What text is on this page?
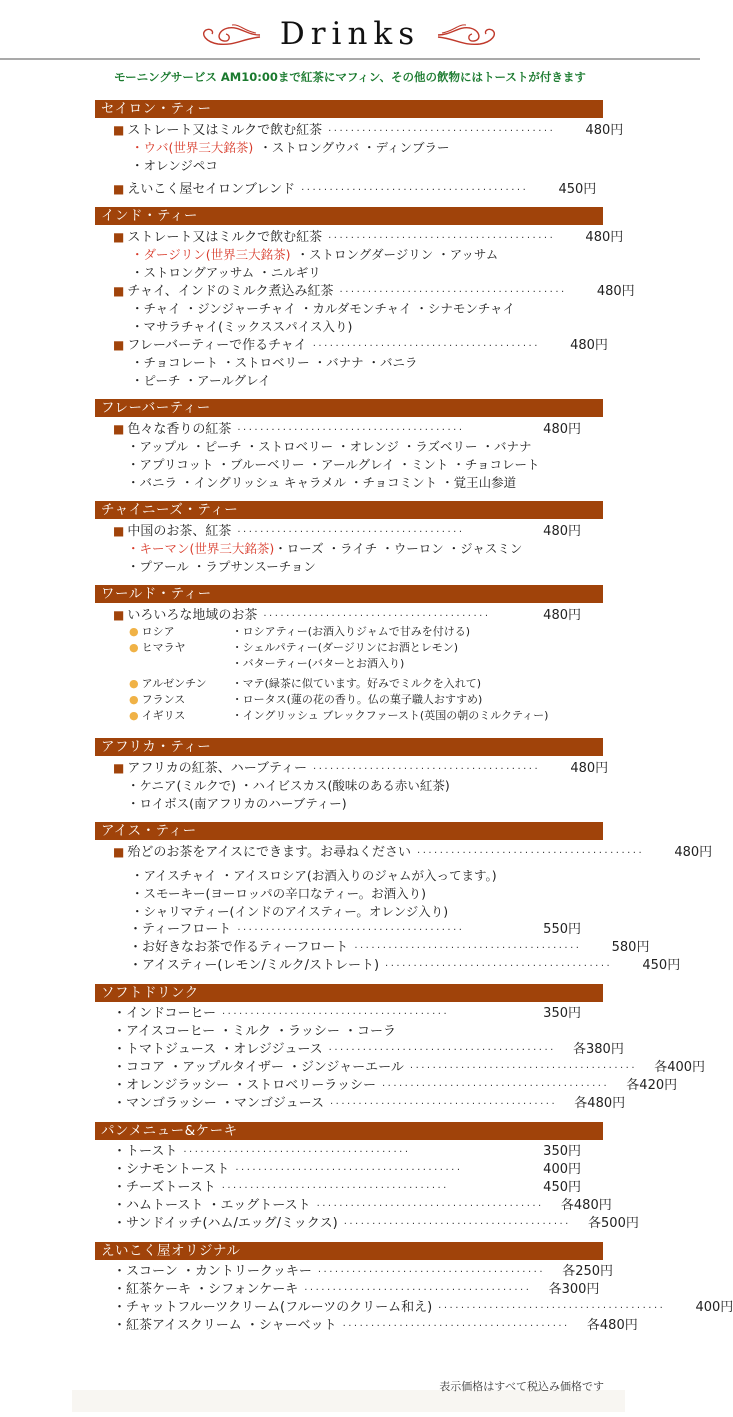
Drinks
モーニングサービス AM10:00まで紅茶にマフィン、その他の飲物にはトーストが付きます
セイロン・ティー
■ ストレート又はミルクで飲む紅茶 ········································	480円
・ウバ(世界三大銘茶) ・ストロングウバ ・ディンブラー
・オレンジペコ
■ えいこく屋セイロンブレンド ········································	450円
インド・ティー
■ ストレート又はミルクで飲む紅茶 ········································	480円
・ダージリン(世界三大銘茶) ・ストロングダージリン ・アッサム
・ストロングアッサム ・ニルギリ
■ チャイ、インドのミルク煮込み紅茶 ········································	480円
・チャイ ・ジンジャーチャイ ・カルダモンチャイ ・シナモンチャイ
・マサラチャイ(ミックススパイス入り)
■ フレーバーティーで作るチャイ ········································	480円
・チョコレート ・ストロベリー ・バナナ ・バニラ
・ピーチ ・アールグレイ
フレーバーティー
■ 色々な香りの紅茶 ········································	480円
・アップル ・ピーチ ・ストロベリー ・オレンジ ・ラズベリー ・バナナ
・アプリコット ・ブルーベリー ・アールグレイ ・ミント ・チョコレート
・バニラ ・イングリッシュ キャラメル ・チョコミント ・覚王山参道
チャイニーズ・ティー
■ 中国のお茶、紅茶 ········································	480円
・キーマン(世界三大銘茶)・ローズ ・ライチ ・ウーロン ・ジャスミン
・プアール ・ラプサンスーチョン
ワールド・ティー
■ いろいろな地域のお茶 ········································	480円
● ロシア	・ロシアティー(お酒入りジャムで甘みを付ける)
● ヒマラヤ	・シェルパティー(ダージリンにお酒とレモン)
・バターティー(バターとお酒入り)
● アルゼンチン	・マテ(緑茶に似ています。好みでミルクを入れて)
● フランス	・ロータス(蓮の花の香り。仏の菓子職人おすすめ)
● イギリス	・イングリッシュ ブレックファースト(英国の朝のミルクティー)
アフリカ・ティー
■ アフリカの紅茶、ハーブティー ········································	480円
・ケニア(ミルクで) ・ハイビスカス(酸味のある赤い紅茶)
・ロイボス(南アフリカのハーブティー)
アイス・ティー
■ 殆どのお茶をアイスにできます。お尋ねください ········································	480円
・アイスチャイ ・アイスロシア(お酒入りのジャムが入ってます。)
・スモーキー(ヨーロッパの辛口なティー。お酒入り)
・シャリマティー(インドのアイスティー。オレンジ入り)
・ティーフロート ········································	550円
・お好きなお茶で作るティーフロート ········································	580円
・アイスティー(レモン/ミルク/ストレート) ········································	450円
ソフトドリンク
・インドコーヒー ········································	350円
・アイスコーヒー ・ミルク ・ラッシー ・コーラ
・トマトジュース ・オレジジュース ········································	各380円
・ココア ・アップルタイザー ・ジンジャーエール ········································	各400円
・オレンジラッシー ・ストロベリーラッシー ········································	各420円
・マンゴラッシー ・マンゴジュース ········································	各480円
パンメニュー&ケーキ
・トースト ········································	350円
・シナモントースト ········································	400円
・チーズトースト ········································	450円
・ハムトースト ・エッグトースト ········································	各480円
・サンドイッチ(ハム/エッグ/ミックス) ········································	各500円
えいこく屋オリジナル
・スコーン ・カントリークッキー ········································	各250円
・紅茶ケーキ ・シフォンケーキ ········································	各300円
・チャットフルーツクリーム(フルーツのクリーム和え) ········································	400円
・紅茶アイスクリーム ・シャーベット ········································	各480円
表示価格はすべて税込み価格です
